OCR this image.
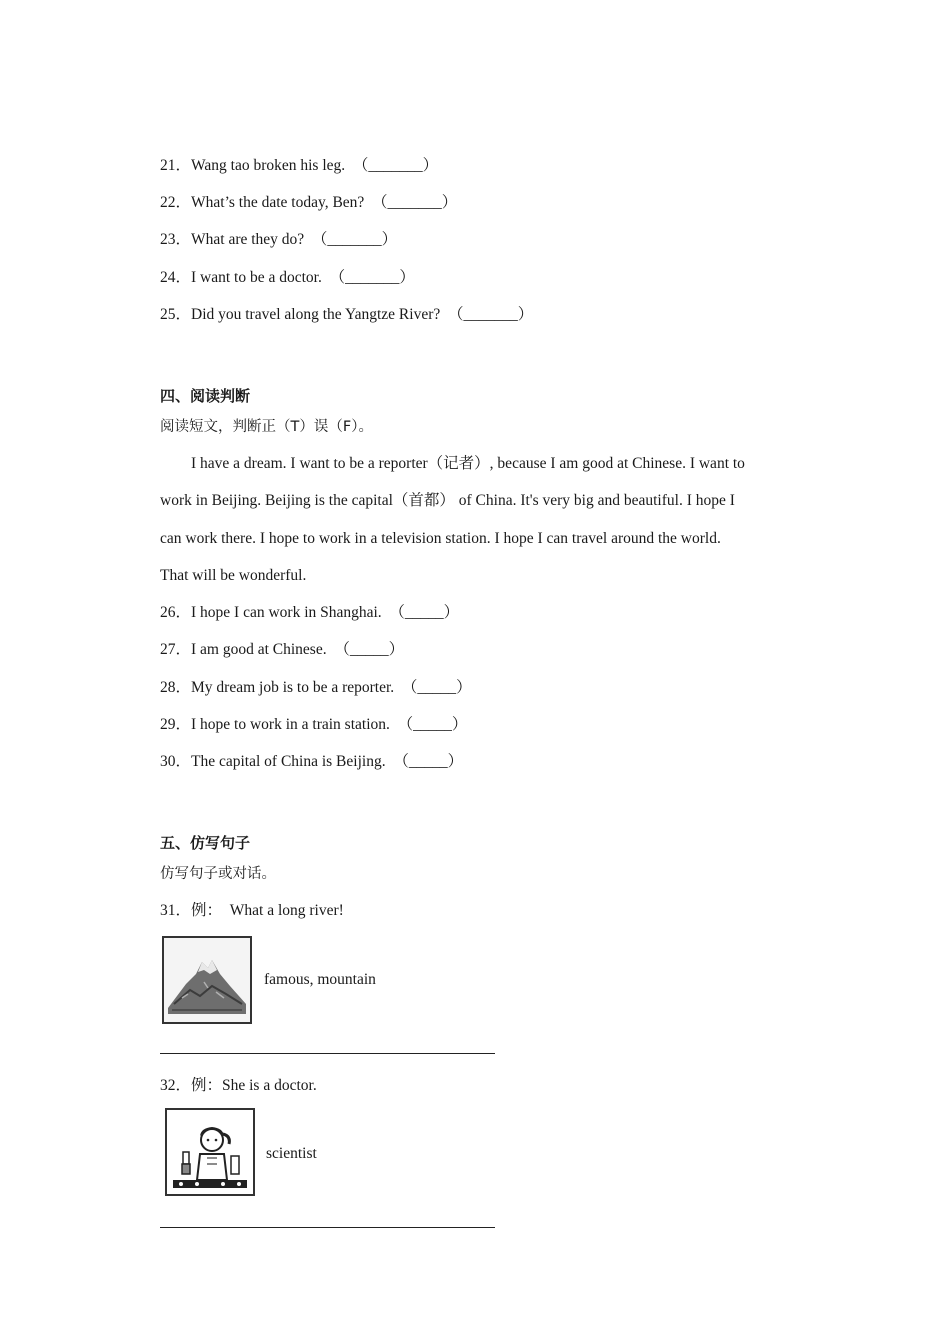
21．Wang tao broken his leg.　（_______）
22．What’s the date today, Ben?　（_______）
23．What are they do?　（_______）
24．I want to be a doctor.　（_______）
25．Did you travel along the Yangtze River?　（_______）
四、阅读判断
阅读短文，判断正（T）误（F）。
I have a dream. I want to be a reporter（记者）, because I am good at Chinese. I want to
work in Beijing. Beijing is the capital（首都） of China. It's very big and beautiful. I hope I
can work there. I hope to work in a television station. I hope I can travel around the world.
That will be wonderful.
26．I hope I can work in Shanghai.　（_____）
27．I am good at Chinese.　（_____）
28．My dream job is to be a reporter.　（_____）
29．I hope to work in a train station.　（_____）
30．The capital of China is Beijing.　（_____）
五、仿写句子
仿写句子或对话。
31．例：　What a long river!
famous, mountain
32．例：She is a doctor.
scientist
